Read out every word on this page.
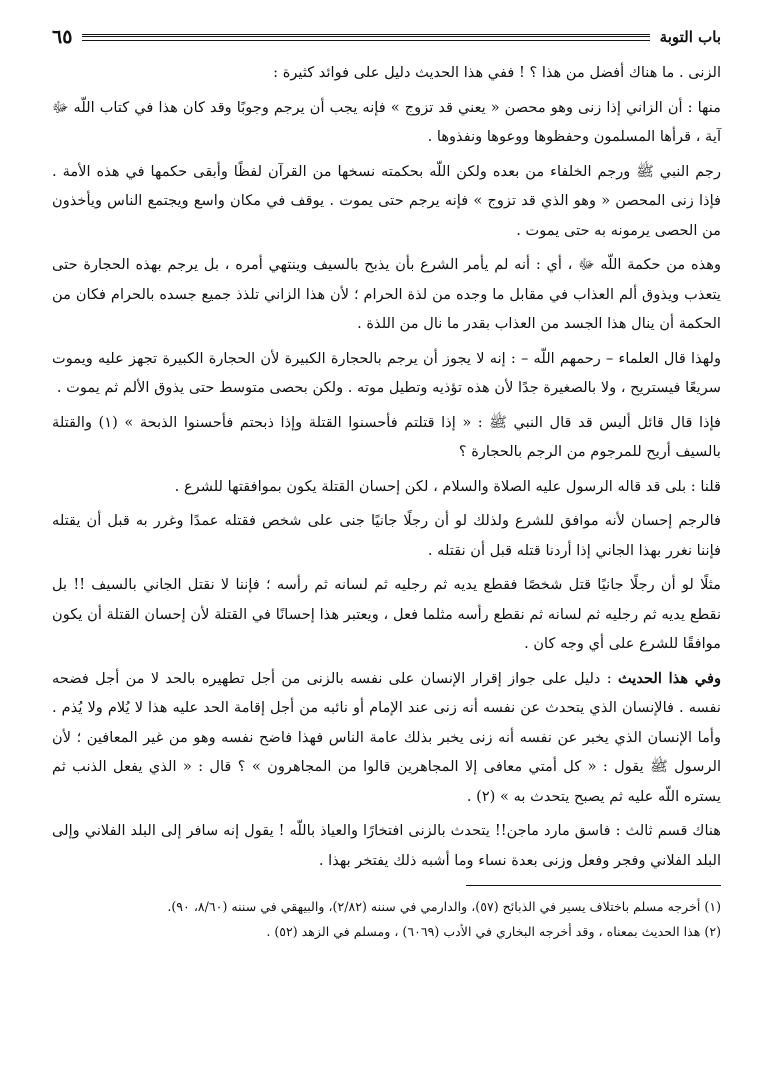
باب التوبة
٦٥

الزنى . ما هناك أفضل من هذا ؟ ! ففي هذا الحديث دليل على فوائد كثيرة :

منها : أن الزاني إذا زنى وهو محصن « يعني قد تزوج » فإنه يجب أن يرجم وجوبًا وقد كان هذا في كتاب اللّه ﷻ آية ، قرأها المسلمون وحفظوها ووعوها ونفذوها .

رجم النبي ﷺ ورجم الخلفاء من بعده ولكن اللّه بحكمته نسخها من القرآن لفظًا وأبقى حكمها في هذه الأمة . فإذا زنى المحصن « وهو الذي قد تزوج » فإنه يرجم حتى يموت . يوقف في مكان واسع ويجتمع الناس ويأخذون من الحصى يرمونه به حتى يموت .

وهذه من حكمة اللّه ﷻ ، أي : أنه لم يأمر الشرع بأن يذبح بالسيف وينتهي أمره ، بل يرجم بهذه الحجارة حتى يتعذب ويذوق ألم العذاب في مقابل ما وجده من لذة الحرام ؛ لأن هذا الزاني تلذذ جميع جسده بالحرام فكان من الحكمة أن ينال هذا الجسد من العذاب بقدر ما نال من اللذة .

ولهذا قال العلماء – رحمهم اللّه – : إنه لا يجوز أن يرجم بالحجارة الكبيرة لأن الحجارة الكبيرة تجهز عليه ويموت سريعًا فيستريح ، ولا بالصغيرة جدًا لأن هذه تؤذيه وتطيل موته . ولكن بحصى متوسط حتى يذوق الألم ثم يموت .

فإذا قال قائل أليس قد قال النبي ﷺ : « إذا قتلتم فأحسنوا القتلة وإذا ذبحتم فأحسنوا الذبحة » (١) والقتلة بالسيف أريح للمرجوم من الرجم بالحجارة ؟

قلنا : بلى قد قاله الرسول عليه الصلاة والسلام ، لكن إحسان القتلة يكون بموافقتها للشرع .

فالرجم إحسان لأنه موافق للشرع ولذلك لو أن رجلًا جانيًا جنى على شخص فقتله عمدًا وغرر به قبل أن يقتله فإننا نغرر بهذا الجاني إذا أردنا قتله قبل أن نقتله .

مثلًا لو أن رجلًا جانيًا قتل شخصًا فقطع يديه ثم رجليه ثم لسانه ثم رأسه ؛ فإننا لا نقتل الجاني بالسيف !! بل نقطع يديه ثم رجليه ثم لسانه ثم نقطع رأسه مثلما فعل ، ويعتبر هذا إحسانًا في القتلة لأن إحسان القتلة أن يكون موافقًا للشرع على أي وجه كان .

وفي هذا الحديث : دليل على جواز إقرار الإنسان على نفسه بالزنى من أجل تطهيره بالحد لا من أجل فضحه نفسه . فالإنسان الذي يتحدث عن نفسه أنه زنى عند الإمام أو نائبه من أجل إقامة الحد عليه هذا لا يُلام ولا يُذم . وأما الإنسان الذي يخبر عن نفسه أنه زنى يخبر بذلك عامة الناس فهذا فاضح نفسه وهو من غير المعافين ؛ لأن الرسول ﷺ يقول : « كل أمتي معافى إلا المجاهرين قالوا من المجاهرون » ؟ قال : « الذي يفعل الذنب ثم يستره اللّه عليه ثم يصبح يتحدث به » (٢) .

هناك قسم ثالث : فاسق مارد ماجن!! يتحدث بالزنى افتخارًا والعياذ باللّه ! يقول إنه سافر إلى البلد الفلاني وإلى البلد الفلاني وفجر وفعل وزنى بعدة نساء وما أشبه ذلك يفتخر بهذا .

(١) أخرجه مسلم باختلاف يسير في الذبائح (٥٧)، والدارمي في سننه (٢/٨٢)، والبيهقي في سننه (٨/٦٠، ٩٠).

(٢) هذا الحديث بمعناه ، وقد أخرجه البخاري في الأدب (٦٠٦٩) ، ومسلم في الزهد (٥٢) .
